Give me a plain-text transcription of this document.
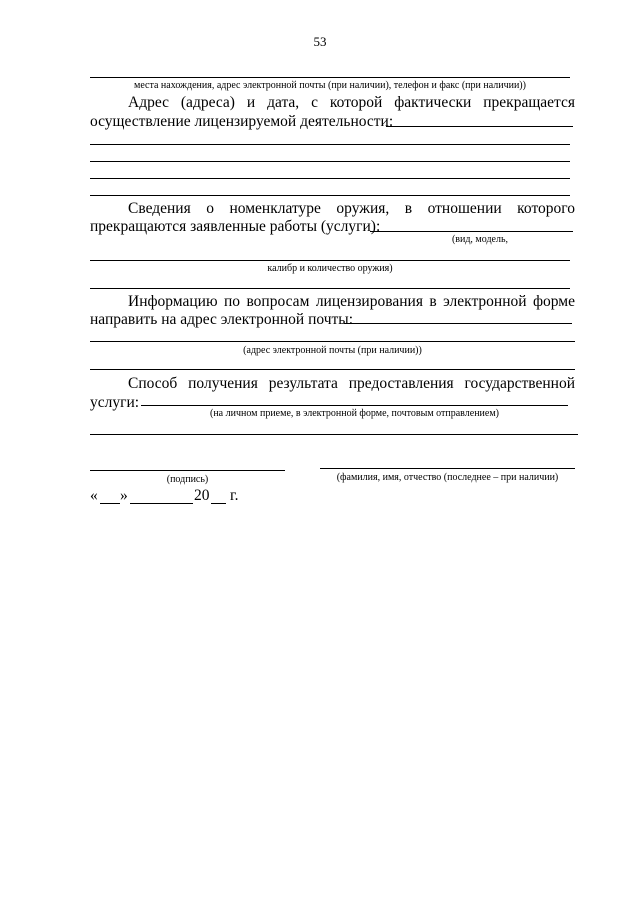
53
места нахождения, адрес электронной почты (при наличии), телефон и факс (при наличии))
Адрес (адреса) и дата, с которой фактически прекращается
осуществление лицензируемой деятельности:
Сведения о номенклатуре оружия, в отношении которого
прекращаются заявленные работы (услуги):
(вид, модель,
калибр и количество оружия)
Информацию по вопросам лицензирования в электронной форме
направить на адрес электронной почты:
(адрес электронной почты (при наличии))
Способ получения результата предоставления государственной
услуги:
(на личном приеме, в электронной форме, почтовым отправлением)
(подпись)	(фамилия, имя, отчество (последнее – при наличии)
« »	20 г.
